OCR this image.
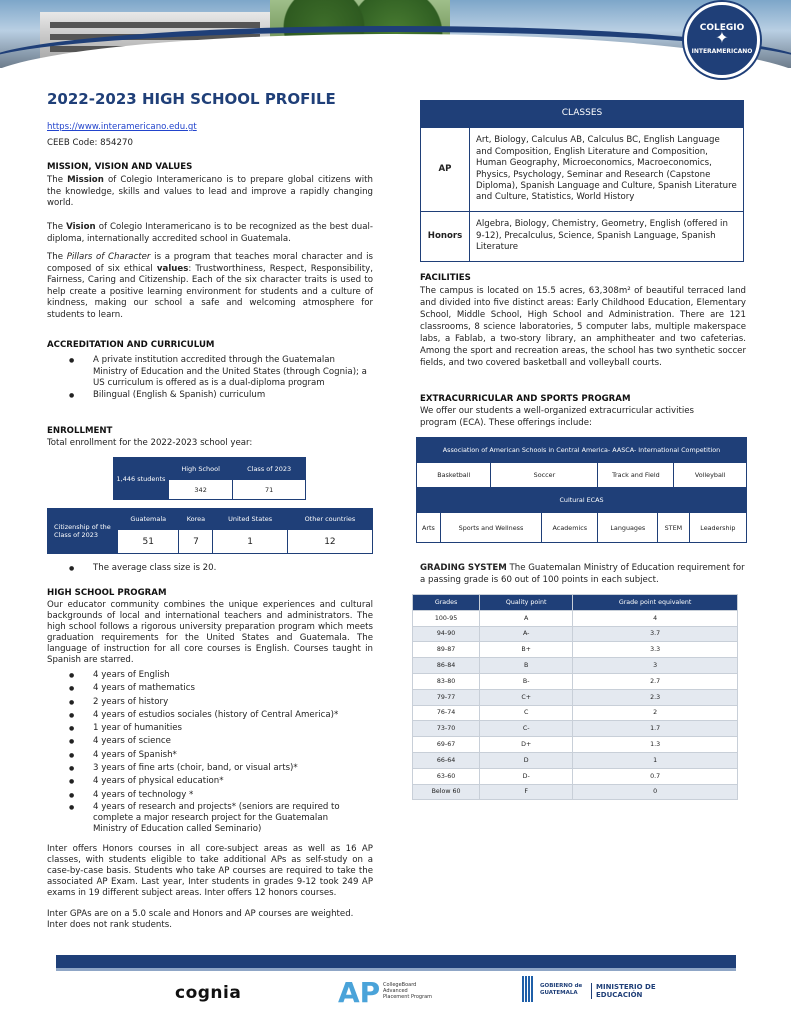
COLEGIO
✦
INTERAMERICANO
2022-2023 HIGH SCHOOL PROFILE
https://www.interamericano.edu.gt
CEEB Code: 854270
MISSION, VISION AND VALUES
The Mission of Colegio Interamericano is to prepare global citizens with the knowledge, skills and values to lead and improve a rapidly changing world.
The Vision of Colegio Interamericano is to be recognized as the best dual-diploma, internationally accredited school in Guatemala.
The Pillars of Character is a program that teaches moral character and is composed of six ethical values: Trustworthiness, Respect, Responsibility, Fairness, Caring and Citizenship. Each of the six character traits is used to help create a positive learning environment for students and a culture of kindness, making our school a safe and welcoming atmosphere for students to learn.
ACCREDITATION AND CURRICULUM
● A private institution accredited through the Guatemalan Ministry of Education and the United States (through Cognia); a US curriculum is offered as is a dual-diploma program
● Bilingual (English & Spanish) curriculum
ENROLLMENT
Total enrollment for the 2022-2023 school year:
1,446 students	High School	Class of 2023
	342	71
Citizenship of the Class of 2023	Guatemala	Korea	United States	Other countries
	51	7	1	12
● The average class size is 20.
HIGH SCHOOL PROGRAM
Our educator community combines the unique experiences and cultural backgrounds of local and international teachers and administrators. The high school follows a rigorous university preparation program which meets graduation requirements for the United States and Guatemala. The language of instruction for all core courses is English. Courses taught in Spanish are starred.
● 4 years of English
● 4 years of mathematics
● 2 years of history
● 4 years of estudios sociales (history of Central America)*
● 1 year of humanities
● 4 years of science
● 4 years of Spanish*
● 3 years of fine arts (choir, band, or visual arts)*
● 4 years of physical education*
● 4 years of technology *
● 4 years of research and projects* (seniors are required to complete a major research project for the Guatemalan Ministry of Education called Seminario)
Inter offers Honors courses in all core-subject areas as well as 16 AP classes, with students eligible to take additional APs as self-study on a case-by-case basis. Students who take AP courses are required to take the associated AP Exam. Last year, Inter students in grades 9-12 took 249 AP exams in 19 different subject areas. Inter offers 12 honors courses.
Inter GPAs are on a 5.0 scale and Honors and AP courses are weighted. Inter does not rank students.
CLASSES	
AP	Art, Biology, Calculus AB, Calculus BC, English Language and Composition, English Literature and Composition, Human Geography, Microeconomics, Macroeconomics, Physics, Psychology, Seminar and Research (Capstone Diploma), Spanish Language and Culture, Spanish Literature and Culture, Statistics, World History
Honors	Algebra, Biology, Chemistry, Geometry, English (offered in 9-12), Precalculus, Science, Spanish Language, Spanish Literature
FACILITIES
The campus is located on 15.5 acres, 63,308m² of beautiful terraced land and divided into five distinct areas: Early Childhood Education, Elementary School, Middle School, High School and Administration. There are 121 classrooms, 8 science laboratories, 5 computer labs, multiple makerspace labs, a Fablab, a two-story library, an amphitheater and two cafeterias. Among the sport and recreation areas, the school has two synthetic soccer fields, and two covered basketball and volleyball courts.
EXTRACURRICULAR AND SPORTS PROGRAM
We offer our students a well-organized extracurricular activities program (ECA). These offerings include:
Association of American Schools in Central America- AASCA- International Competition							
Basketball		Soccer		Track and Field		Volleyball	
Cultural ECAS							
Arts	Sports and Wellness		Academics	Languages	STEM		Leadership
GRADING SYSTEM The Guatemalan Ministry of Education requirement for a passing grade is 60 out of 100 points in each subject.
Grades	Quality point	Grade point equivalent
100-95	A	4
94-90	A-	3.7
89-87	B+	3.3
86-84	B	3
83-80	B-	2.7
79-77	C+	2.3
76-74	C	2
73-70	C-	1.7
69-67	D+	1.3
66-64	D	1
63-60	D-	0.7
Below 60	F	0
cognia	AP CollegeBoard Advanced Placement Program
GOBIERNO de GUATEMALA
MINISTERIO DE EDUCACIÓN
